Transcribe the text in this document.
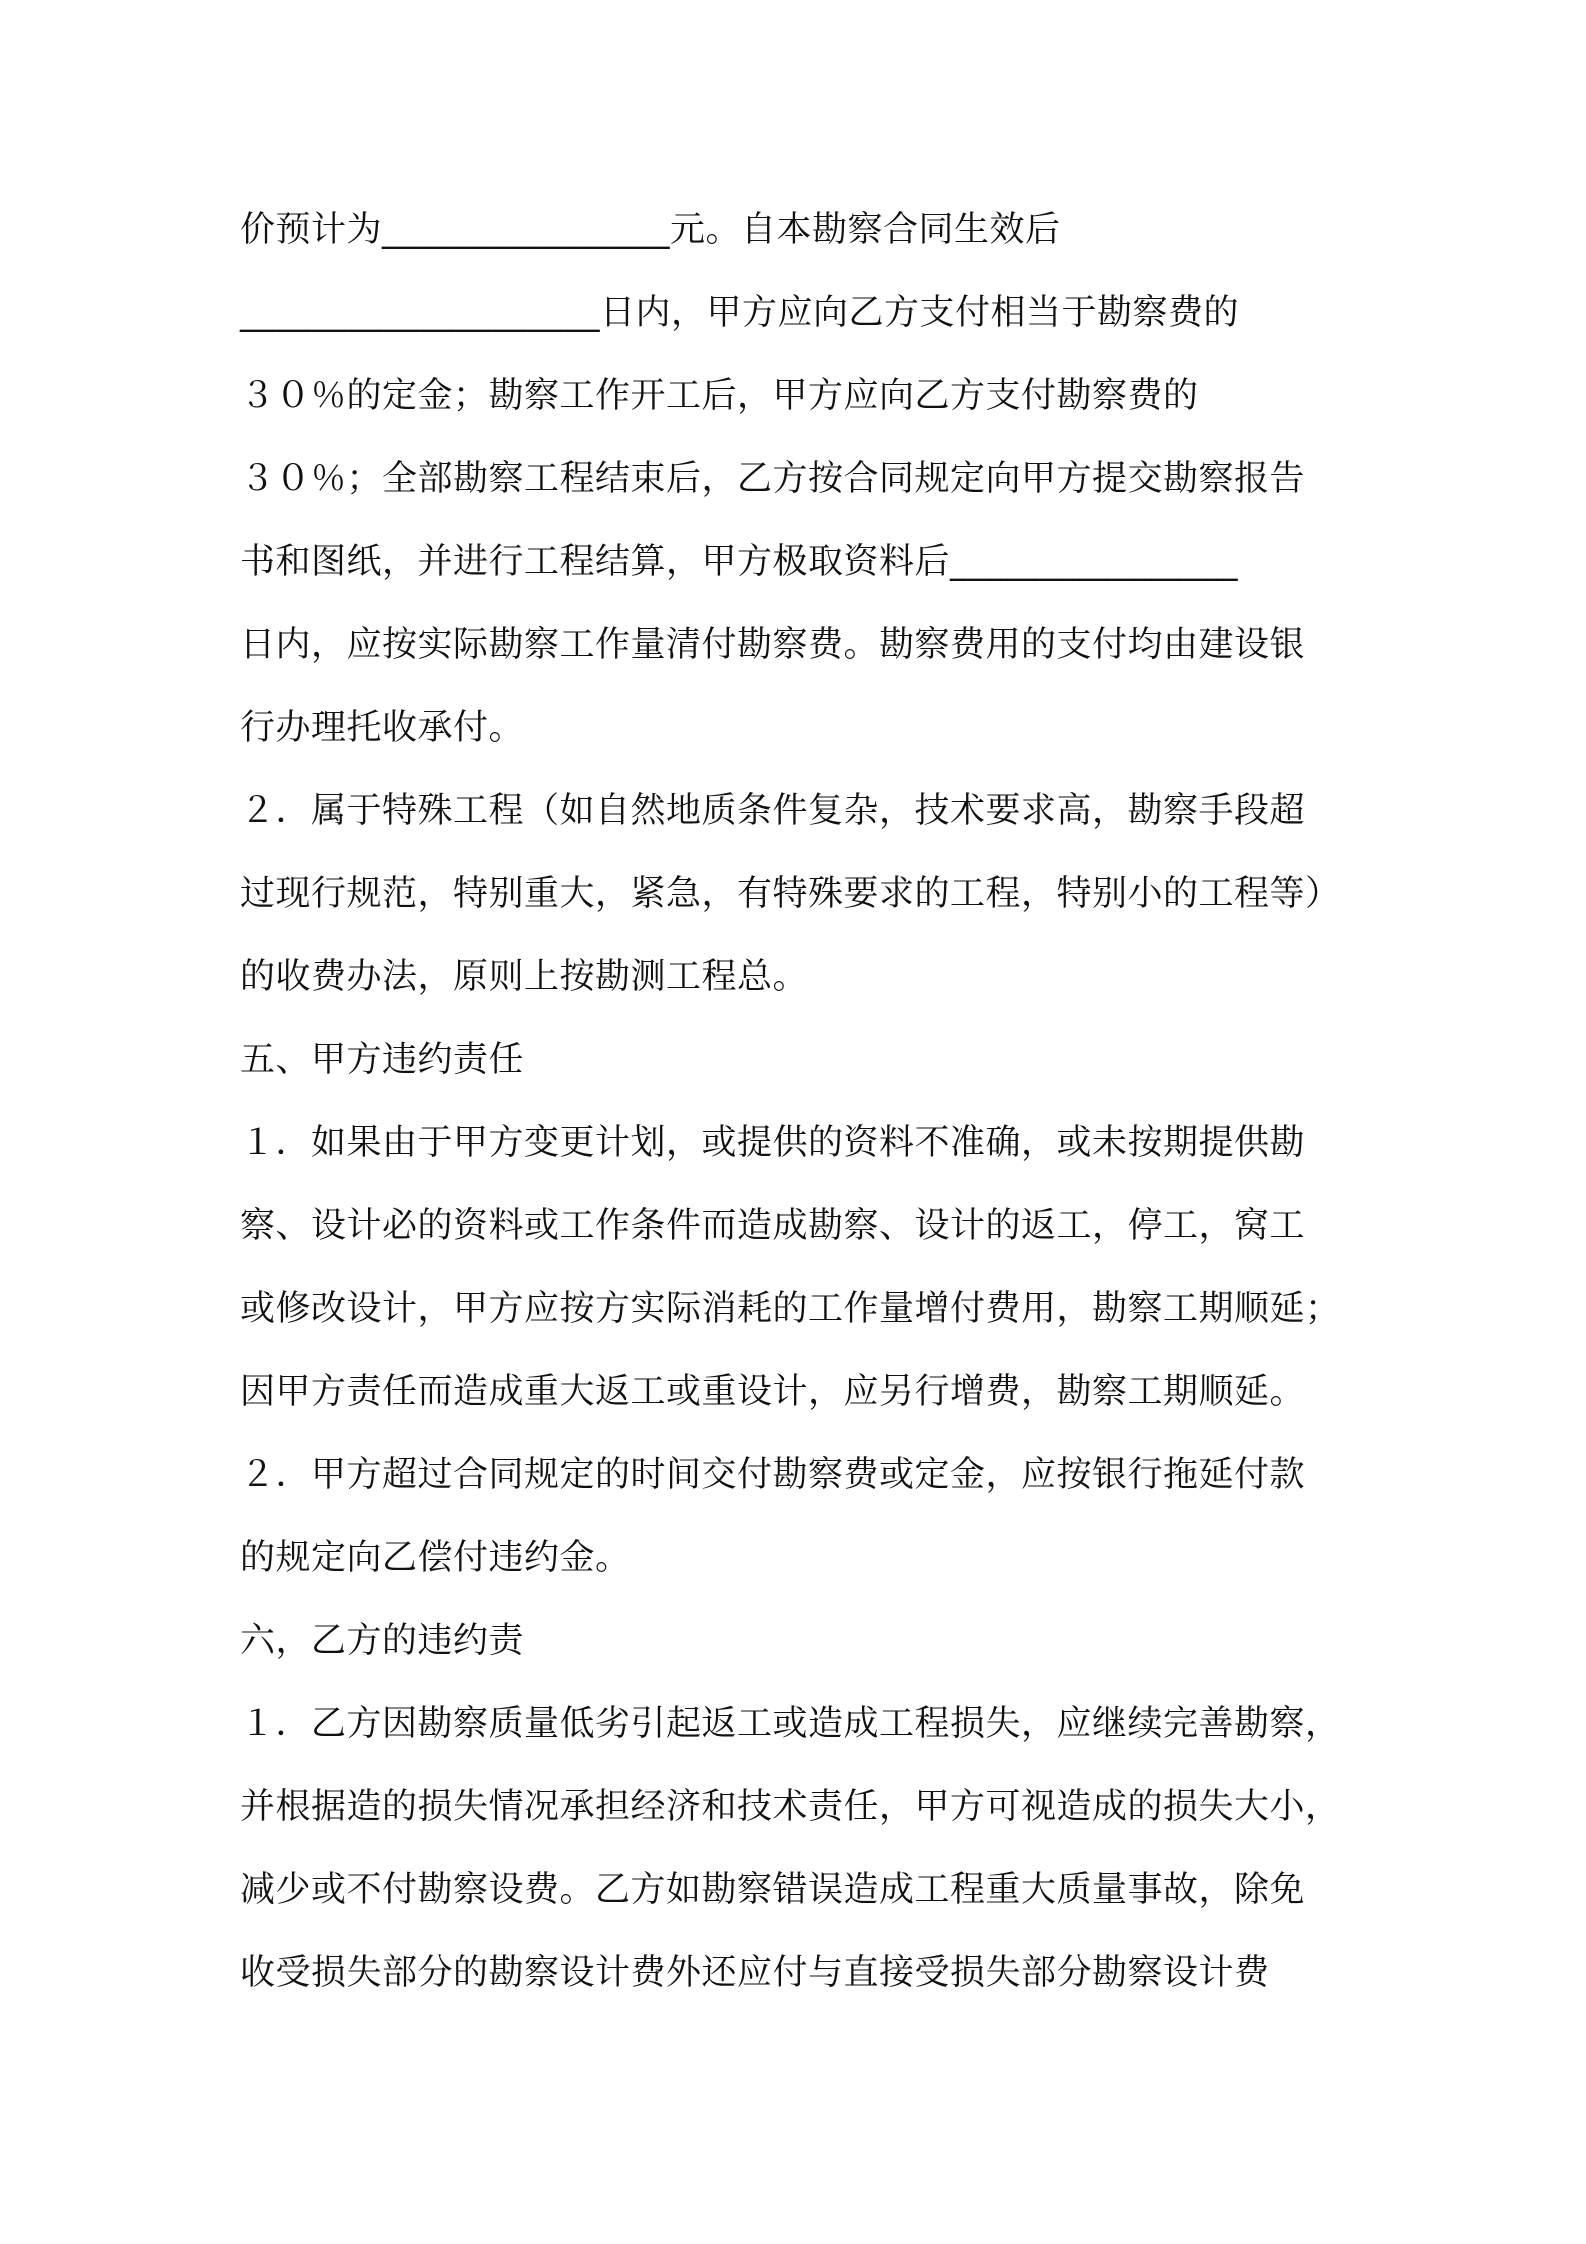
价预计为________________元。自本勘察合同生效后
____________________日内，甲方应向乙方支付相当于勘察费的
３０％的定金；勘察工作开工后，甲方应向乙方支付勘察费的
３０％；全部勘察工程结束后，乙方按合同规定向甲方提交勘察报告
书和图纸，并进行工程结算，甲方极取资料后________________
日内，应按实际勘察工作量清付勘察费。勘察费用的支付均由建设银
行办理托收承付。
２．属于特殊工程（如自然地质条件复杂，技术要求高，勘察手段超
过现行规范，特别重大，紧急，有特殊要求的工程，特别小的工程等）
的收费办法，原则上按勘测工程总。
五、甲方违约责任
１．如果由于甲方变更计划，或提供的资料不准确，或未按期提供勘
察、设计必的资料或工作条件而造成勘察、设计的返工，停工，窝工
或修改设计，甲方应按方实际消耗的工作量增付费用，勘察工期顺延；
因甲方责任而造成重大返工或重设计，应另行增费，勘察工期顺延。
２．甲方超过合同规定的时间交付勘察费或定金，应按银行拖延付款
的规定向乙偿付违约金。
六，乙方的违约责
１．乙方因勘察质量低劣引起返工或造成工程损失，应继续完善勘察，
并根据造的损失情况承担经济和技术责任，甲方可视造成的损失大小，
减少或不付勘察设费。乙方如勘察错误造成工程重大质量事故，除免
收受损失部分的勘察设计费外还应付与直接受损失部分勘察设计费
